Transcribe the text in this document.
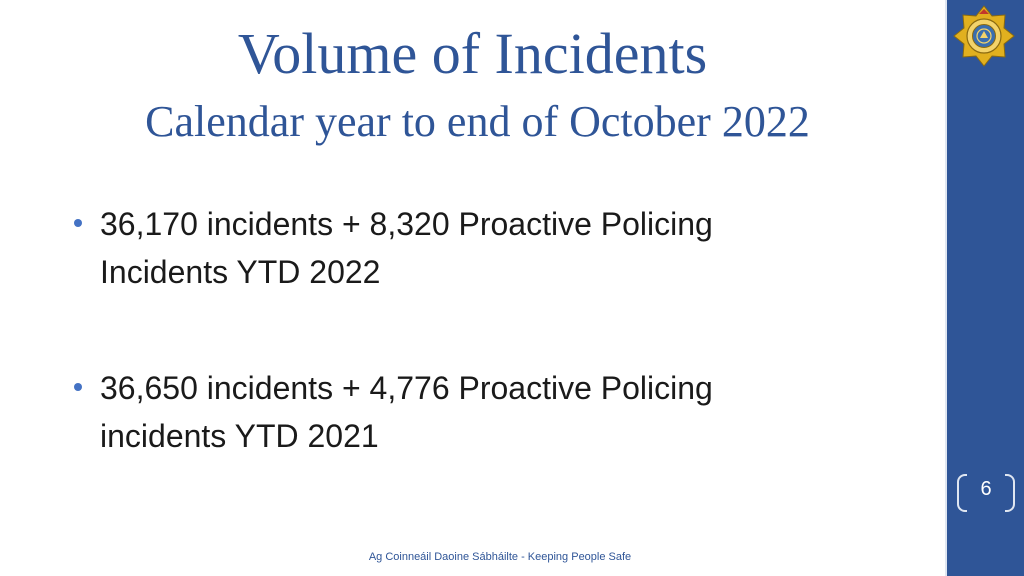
Volume of Incidents
Calendar year to end of October 2022
36,170 incidents + 8,320 Proactive Policing Incidents YTD 2022
36,650 incidents + 4,776 Proactive Policing incidents YTD 2021
6
Ag Coinneáil Daoine Sábháilte - Keeping People Safe
